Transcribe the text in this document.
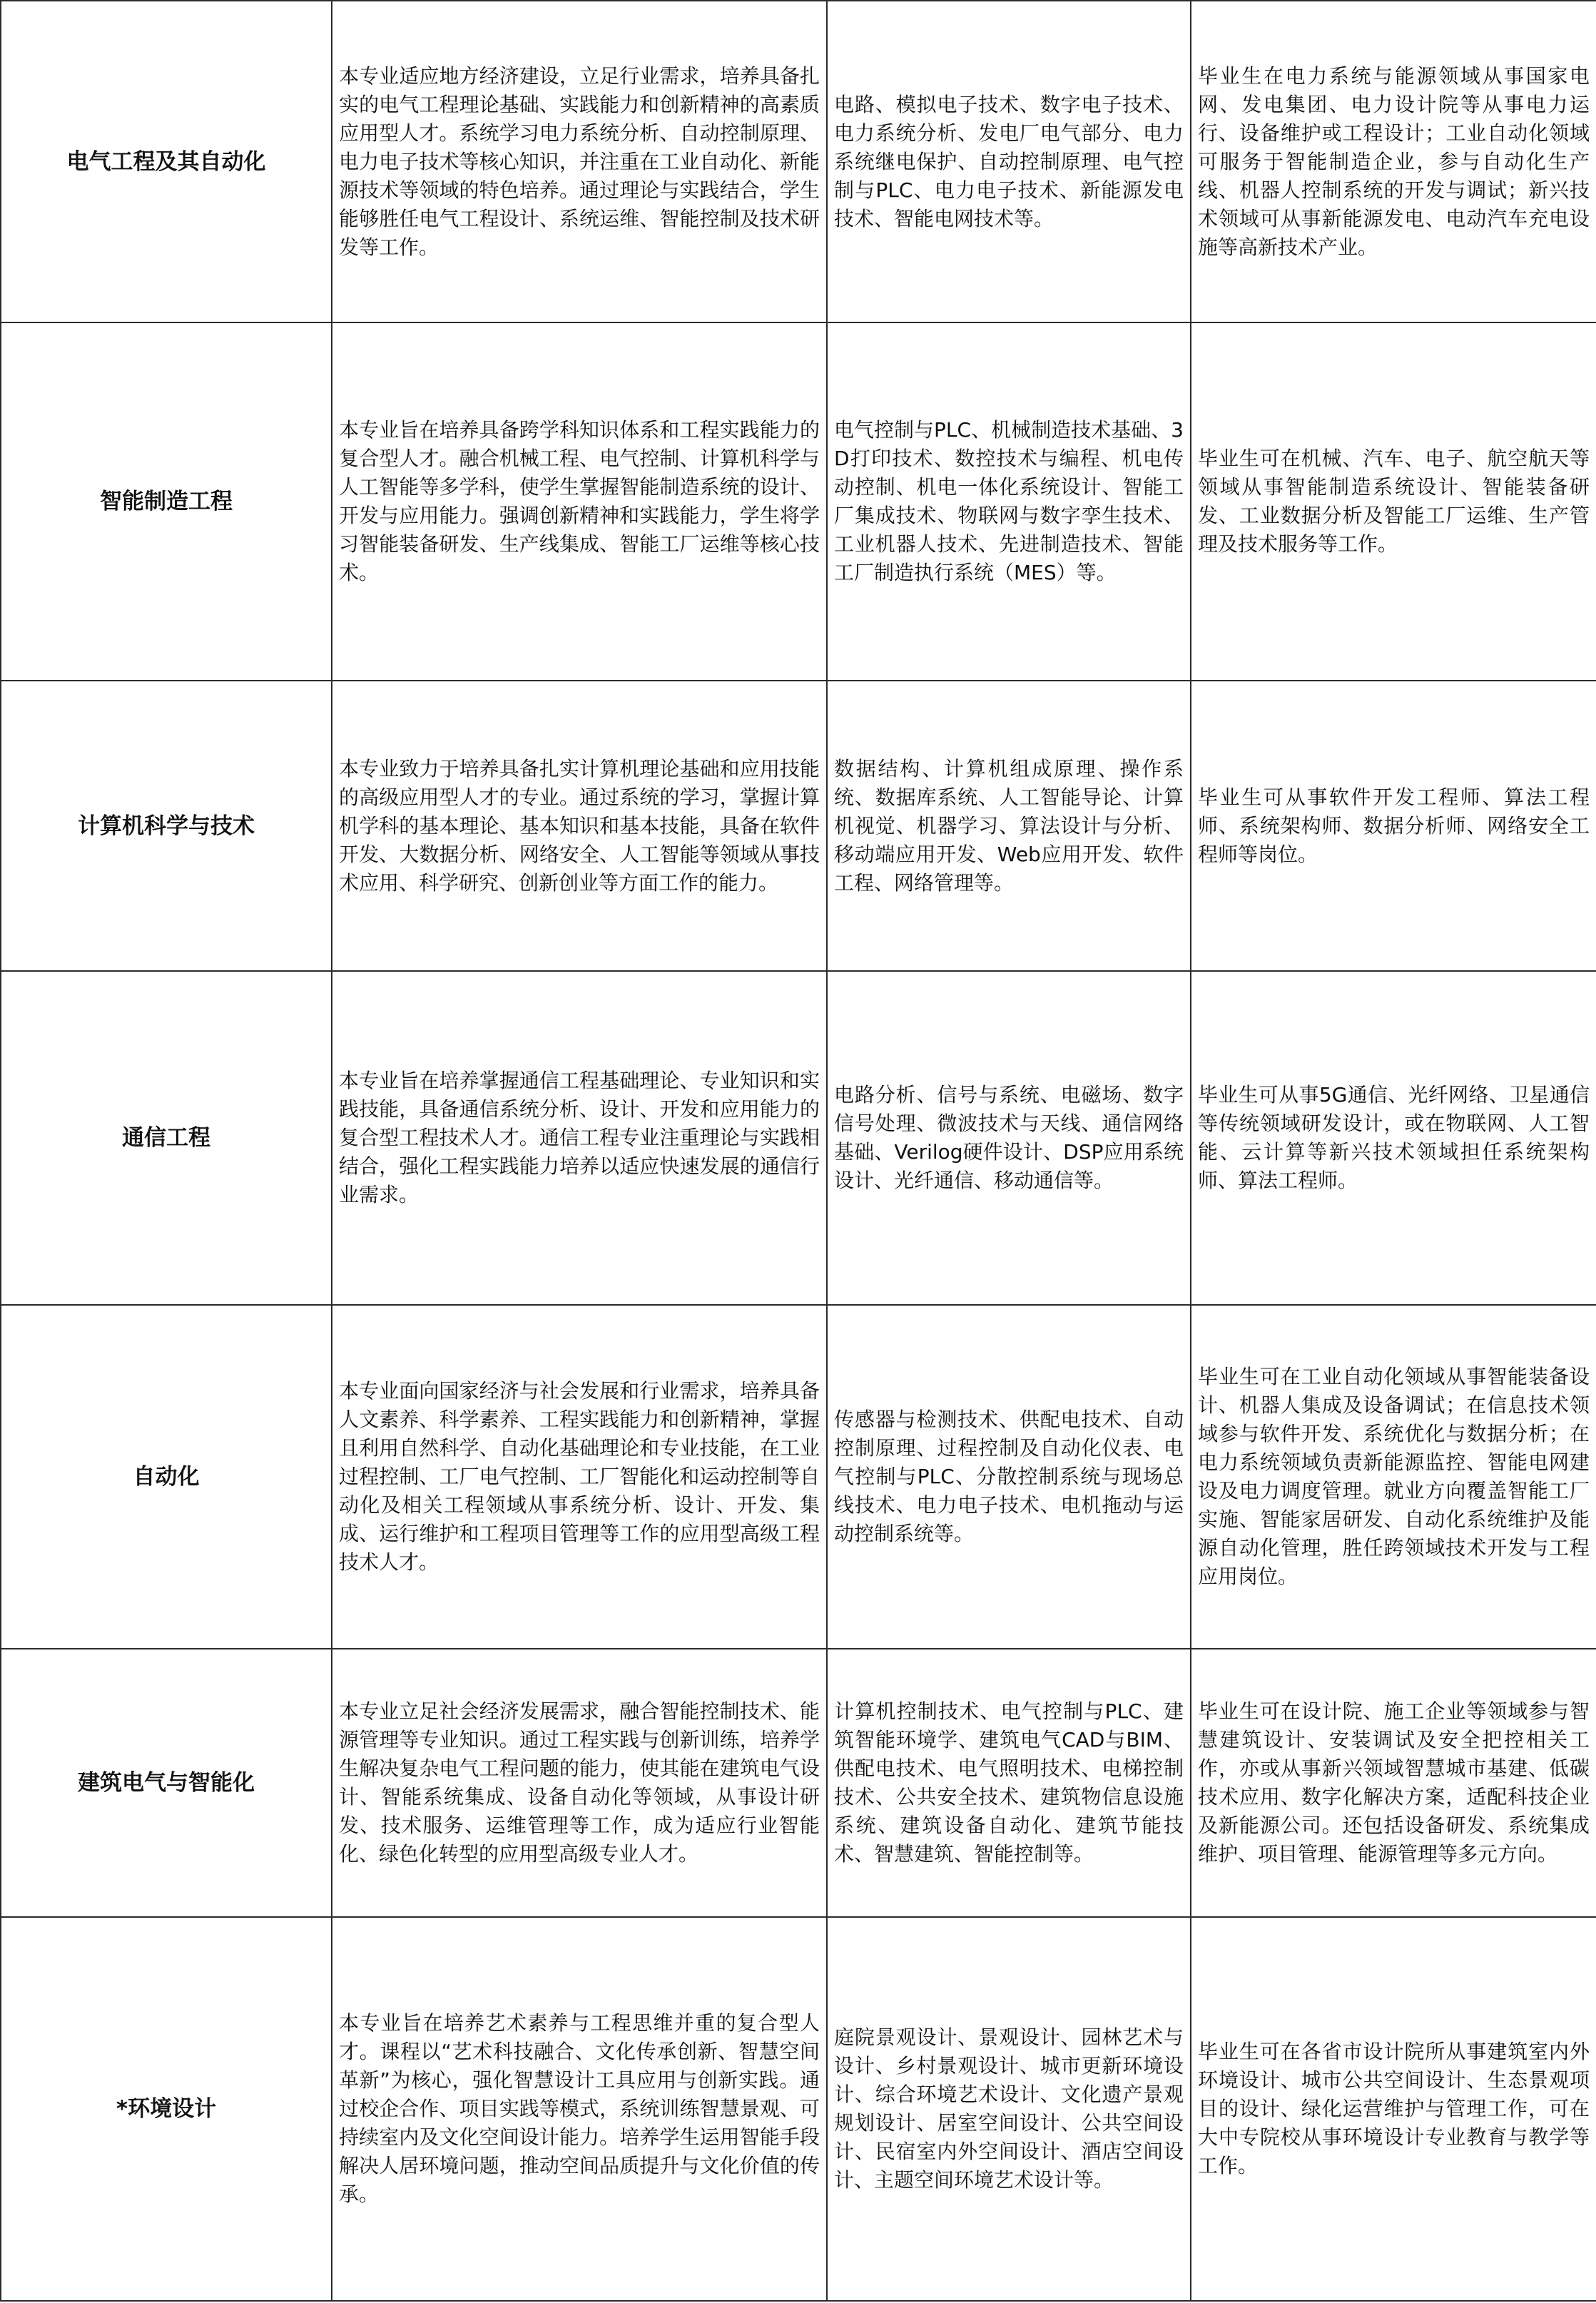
电气工程及其自动化	本专业适应地方经济建设，立足行业需求，培养具备扎实的电气工程理论基础、实践能力和创新精神的高素质应用型人才。系统学习电力系统分析、自动控制原理、电力电子技术等核心知识，并注重在工业自动化、新能源技术等领域的特色培养。通过理论与实践结合，学生能够胜任电气工程设计、系统运维、智能控制及技术研发等工作。	电路、模拟电子技术、数字电子技术、电力系统分析、发电厂电气部分、电力系统继电保护、自动控制原理、电气控制与PLC、电力电子技术、新能源发电技术、智能电网技术等。	毕业生在电力系统与能源领域从事国家电网、发电集团、电力设计院等从事电力运行、设备维护或工程设计；工业自动化领域可服务于智能制造企业，参与自动化生产线、机器人控制系统的开发与调试；新兴技术领域可从事新能源发电、电动汽车充电设施等高新技术产业。
智能制造工程	本专业旨在培养具备跨学科知识体系和工程实践能力的复合型人才。融合机械工程、电气控制、计算机科学与人工智能等多学科，使学生掌握智能制造系统的设计、开发与应用能力。强调创新精神和实践能力，学生将学习智能装备研发、生产线集成、智能工厂运维等核心技术。	电气控制与PLC、机械制造技术基础、3D打印技术、数控技术与编程、机电传动控制、机电一体化系统设计、智能工厂集成技术、物联网与数字孪生技术、工业机器人技术、先进制造技术、智能工厂制造执行系统（MES）等。	毕业生可在机械、汽车、电子、航空航天等领域从事智能制造系统设计、智能装备研发、工业数据分析及智能工厂运维、生产管理及技术服务等工作。
计算机科学与技术	本专业致力于培养具备扎实计算机理论基础和应用技能的高级应用型人才的专业。通过系统的学习，掌握计算机学科的基本理论、基本知识和基本技能，具备在软件开发、大数据分析、网络安全、人工智能等领域从事技术应用、科学研究、创新创业等方面工作的能力。	数据结构、计算机组成原理、操作系统、数据库系统、人工智能导论、计算机视觉、机器学习、算法设计与分析、移动端应用开发、Web应用开发、软件工程、网络管理等。	毕业生可从事软件开发工程师、算法工程师、系统架构师、数据分析师、网络安全工程师等岗位。
通信工程	本专业旨在培养掌握通信工程基础理论、专业知识和实践技能，具备通信系统分析、设计、开发和应用能力的复合型工程技术人才。通信工程专业注重理论与实践相结合，强化工程实践能力培养以适应快速发展的通信行业需求。	电路分析、信号与系统、电磁场、数字信号处理、微波技术与天线、通信网络基础、Verilog硬件设计、DSP应用系统设计、光纤通信、移动通信等。	毕业生可从事5G通信、光纤网络、卫星通信等传统领域研发设计，或在物联网、人工智能、云计算等新兴技术领域担任系统架构师、算法工程师。
自动化	本专业面向国家经济与社会发展和行业需求，培养具备人文素养、科学素养、工程实践能力和创新精神，掌握且利用自然科学、自动化基础理论和专业技能，在工业过程控制、工厂电气控制、工厂智能化和运动控制等自动化及相关工程领域从事系统分析、设计、开发、集成、运行维护和工程项目管理等工作的应用型高级工程技术人才。	传感器与检测技术、供配电技术、自动控制原理、过程控制及自动化仪表、电气控制与PLC、分散控制系统与现场总线技术、电力电子技术、电机拖动与运动控制系统等。	毕业生可在工业自动化领域从事智能装备设计、机器人集成及设备调试；在信息技术领域参与软件开发、系统优化与数据分析；在电力系统领域负责新能源监控、智能电网建设及电力调度管理。就业方向覆盖智能工厂实施、智能家居研发、自动化系统维护及能源自动化管理，胜任跨领域技术开发与工程应用岗位。
建筑电气与智能化	本专业立足社会经济发展需求，融合智能控制技术、能源管理等专业知识。通过工程实践与创新训练，培养学生解决复杂电气工程问题的能力，使其能在建筑电气设计、智能系统集成、设备自动化等领域，从事设计研发、技术服务、运维管理等工作，成为适应行业智能化、绿色化转型的应用型高级专业人才。	计算机控制技术、电气控制与PLC、建筑智能环境学、建筑电气CAD与BIM、供配电技术、电气照明技术、电梯控制技术、公共安全技术、建筑物信息设施系统、建筑设备自动化、建筑节能技术、智慧建筑、智能控制等。	毕业生可在设计院、施工企业等领域参与智慧建筑设计、安装调试及安全把控相关工作，亦或从事新兴领域智慧城市基建、低碳技术应用、数字化解决方案，适配科技企业及新能源公司。还包括设备研发、系统集成维护、项目管理、能源管理等多元方向。
*环境设计	本专业旨在培养艺术素养与工程思维并重的复合型人才。课程以“艺术科技融合、文化传承创新、智慧空间革新”为核心，强化智慧设计工具应用与创新实践。通过校企合作、项目实践等模式，系统训练智慧景观、可持续室内及文化空间设计能力。培养学生运用智能手段解决人居环境问题，推动空间品质提升与文化价值的传承。	庭院景观设计、景观设计、园林艺术与设计、乡村景观设计、城市更新环境设计、综合环境艺术设计、文化遗产景观规划设计、居室空间设计、公共空间设计、民宿室内外空间设计、酒店空间设计、主题空间环境艺术设计等。	毕业生可在各省市设计院所从事建筑室内外环境设计、城市公共空间设计、生态景观项目的设计、绿化运营维护与管理工作，可在大中专院校从事环境设计专业教育与教学等工作。
